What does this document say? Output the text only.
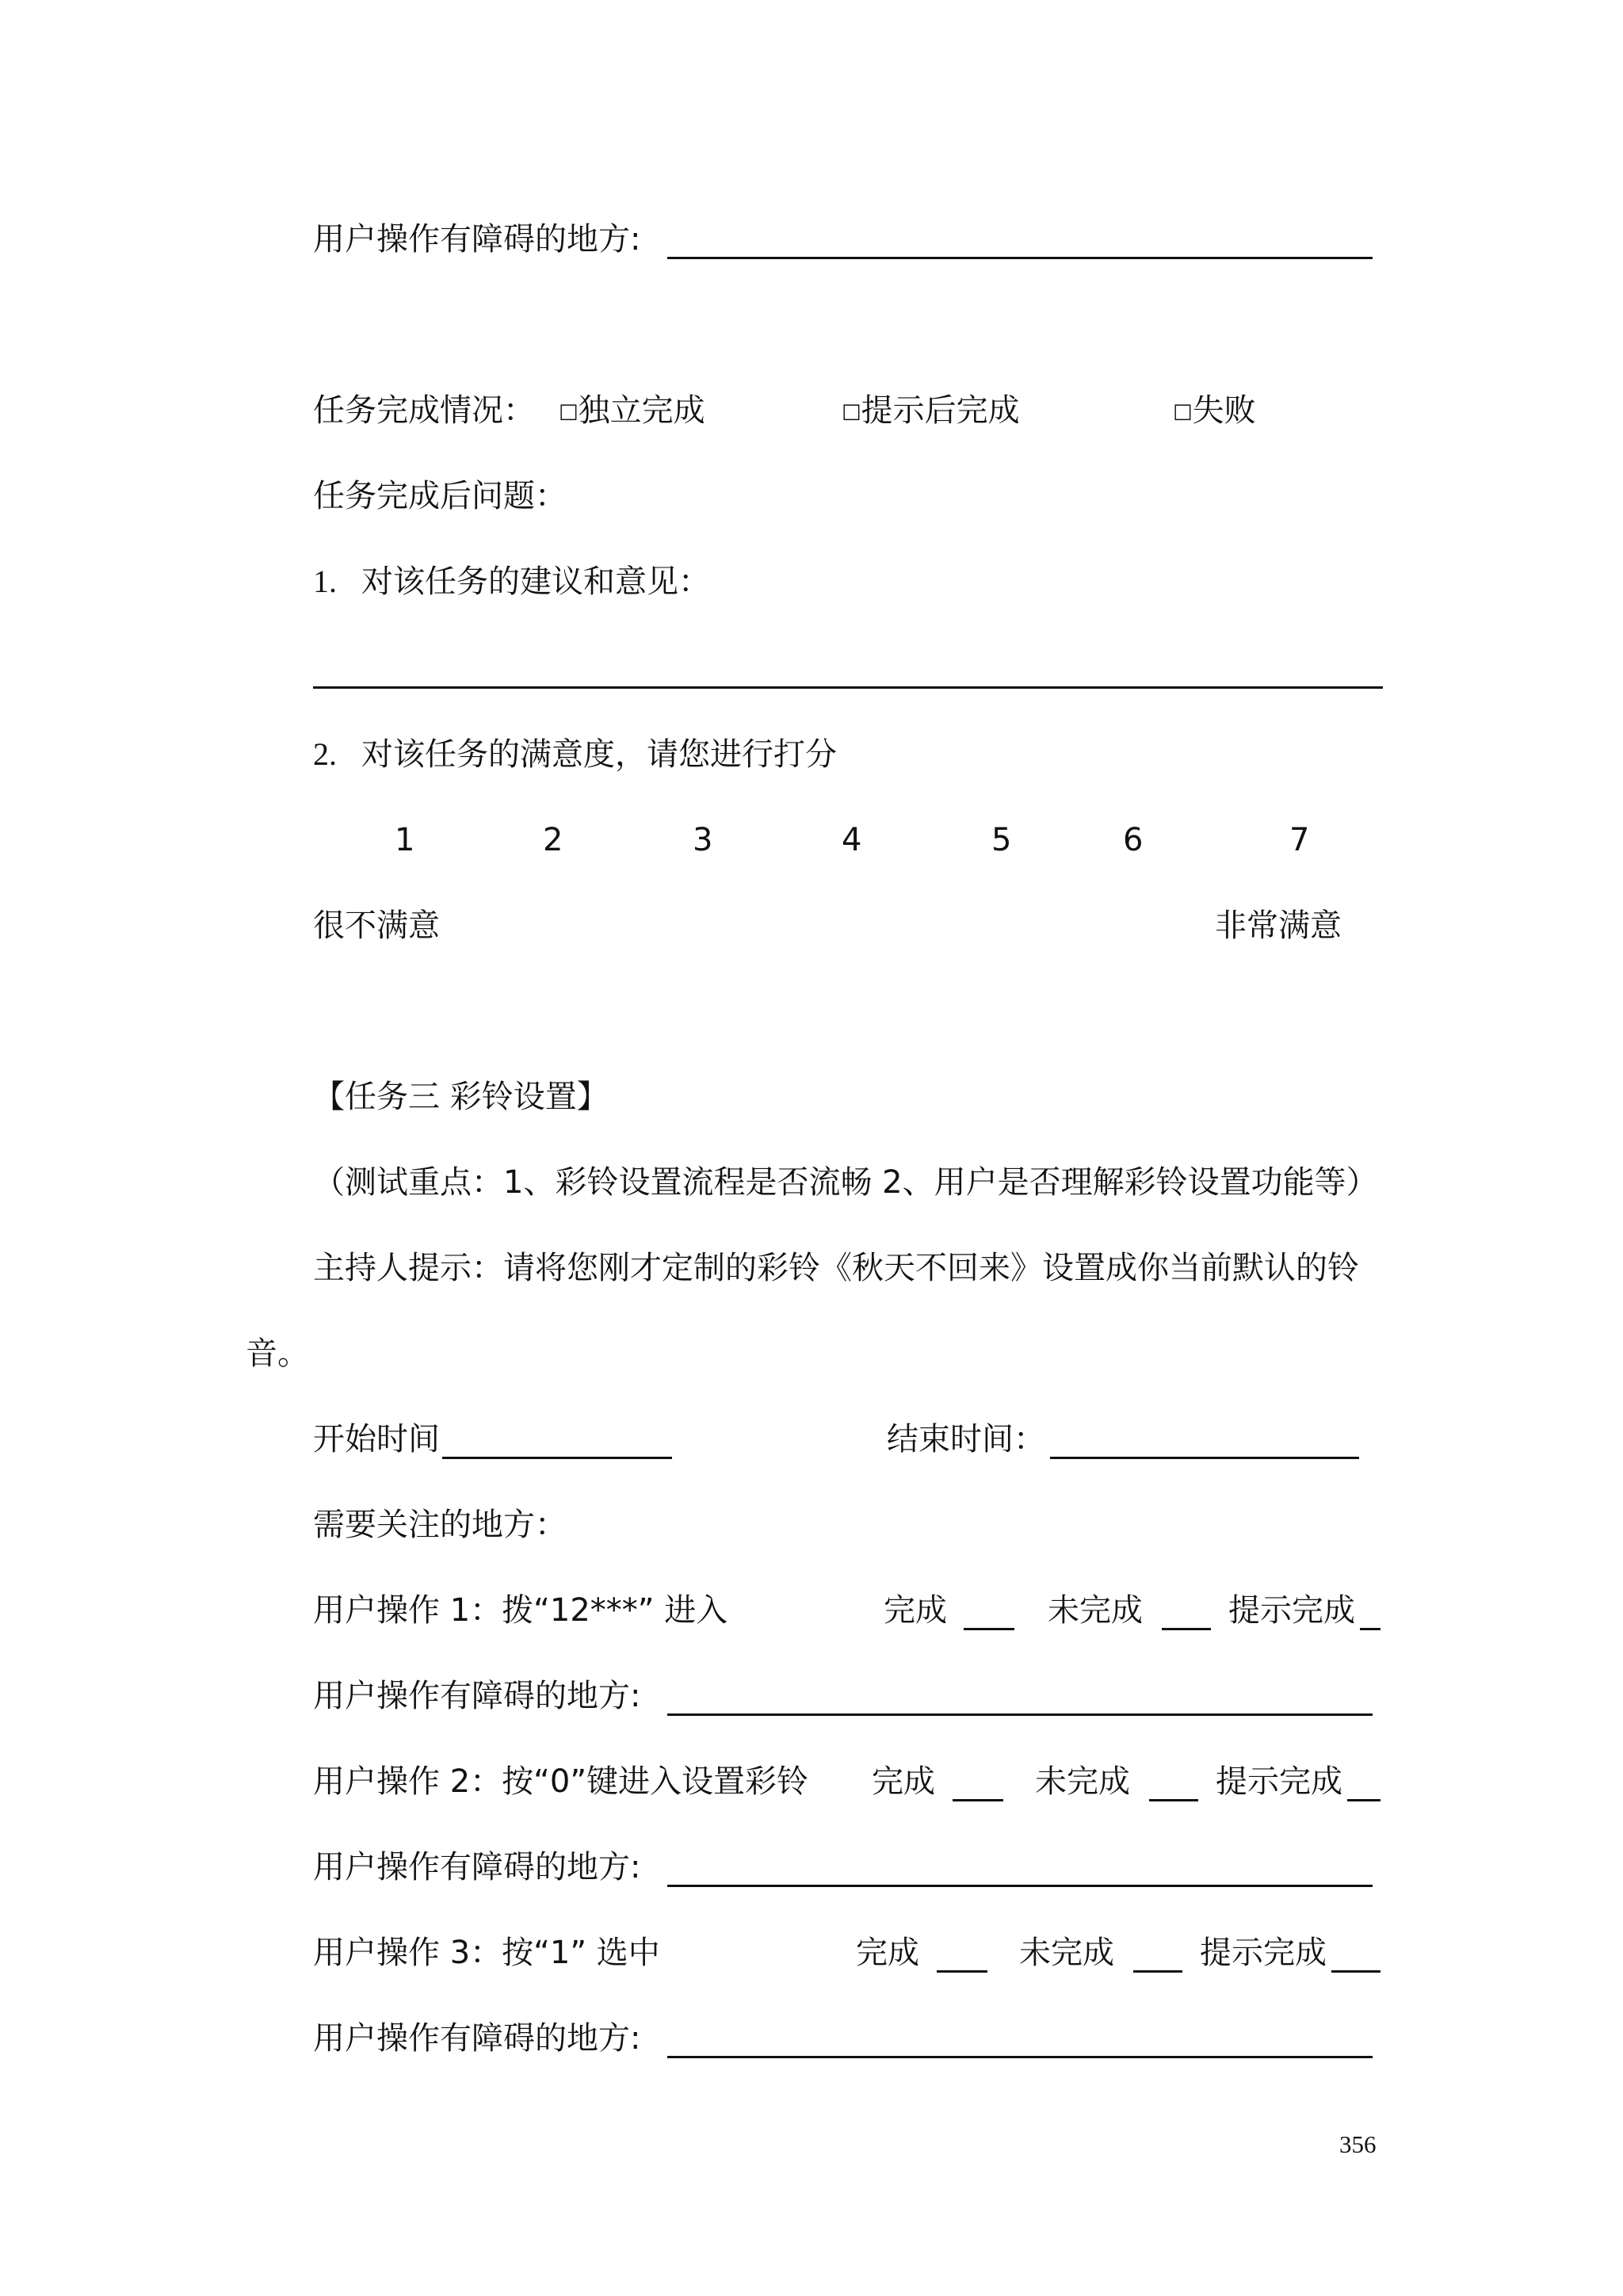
用户操作有障碍的地方:
任务完成情况： □独立完成	□提示后完成	□失败
任务完成后问题：
1. 对该任务的建议和意见：
2. 对该任务的满意度，请您进行打分
1	2	3	4	5	6	7
很不满意	非常满意
【任务三 彩铃设置】
（测试重点：1、彩铃设置流程是否流畅 2、用户是否理解彩铃设置功能等）
主持人提示：请将您刚才定制的彩铃《秋天不回来》设置成你当前默认的铃
音。
开始时间	结束时间：
需要关注的地方：
用户操作 1：拨“12***” 进入	完成	未完成	提示完成
用户操作有障碍的地方:
用户操作 2：按“0”键进入设置彩铃 完成	未完成	提示完成
用户操作有障碍的地方:
用户操作 3：按“1” 选中	完成	未完成	提示完成
用户操作有障碍的地方:
356
